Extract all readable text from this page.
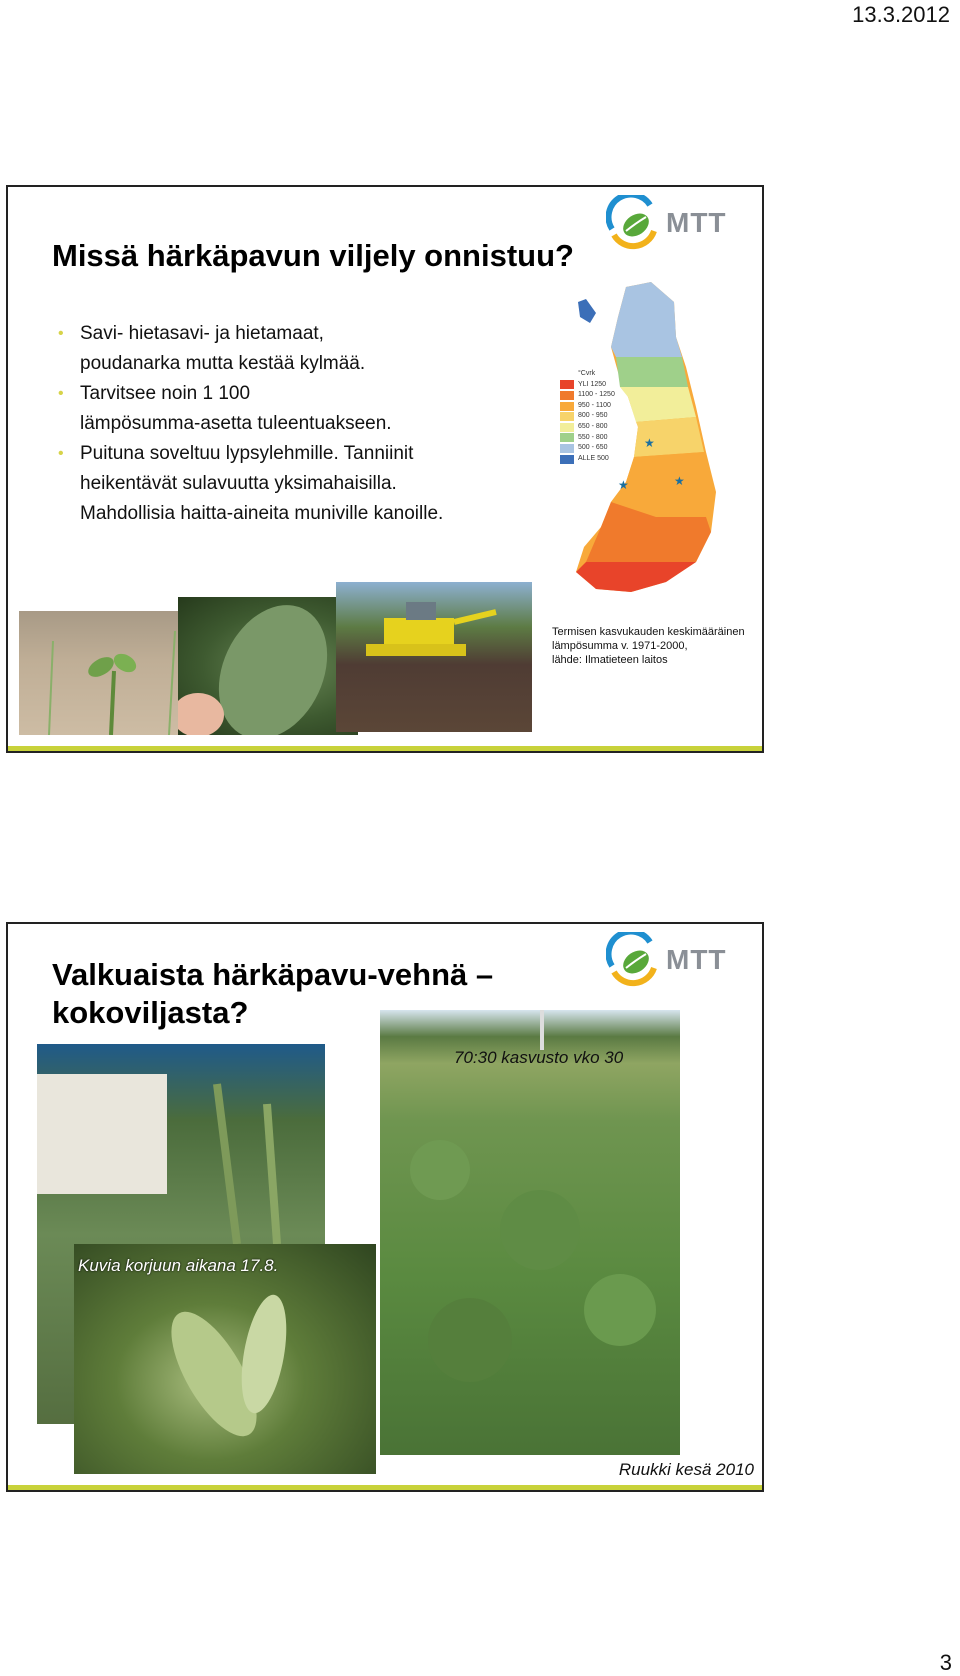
13.3.2012
Missä härkäpavun viljely onnistuu?
MTT
• Savi- hietasavi- ja hietamaat,
poudanarka mutta kestää kylmää.
• Tarvitsee noin 1 100
lämpösumma-asetta tuleentuakseen.
• Puituna soveltuu lypsylehmille. Tanniinit
heikentävät sulavuutta yksimahaisilla.
Mahdollisia haitta-aineita muniville kanoille.
★
★	★
°Cvrk
YLI 1250
1100 - 1250
950 - 1100
800 - 950
650 - 800
550 - 800
500 - 650
ALLE 500
Termisen kasvukauden keskimääräinen
lämpösumma v. 1971-2000,
lähde: Ilmatieteen laitos
Valkuaista härkäpavu-vehnä –
kokoviljasta?
MTT
70:30 kasvusto vko 30
Kuvia korjuun aikana 17.8.
Ruukki kesä 2010
3
